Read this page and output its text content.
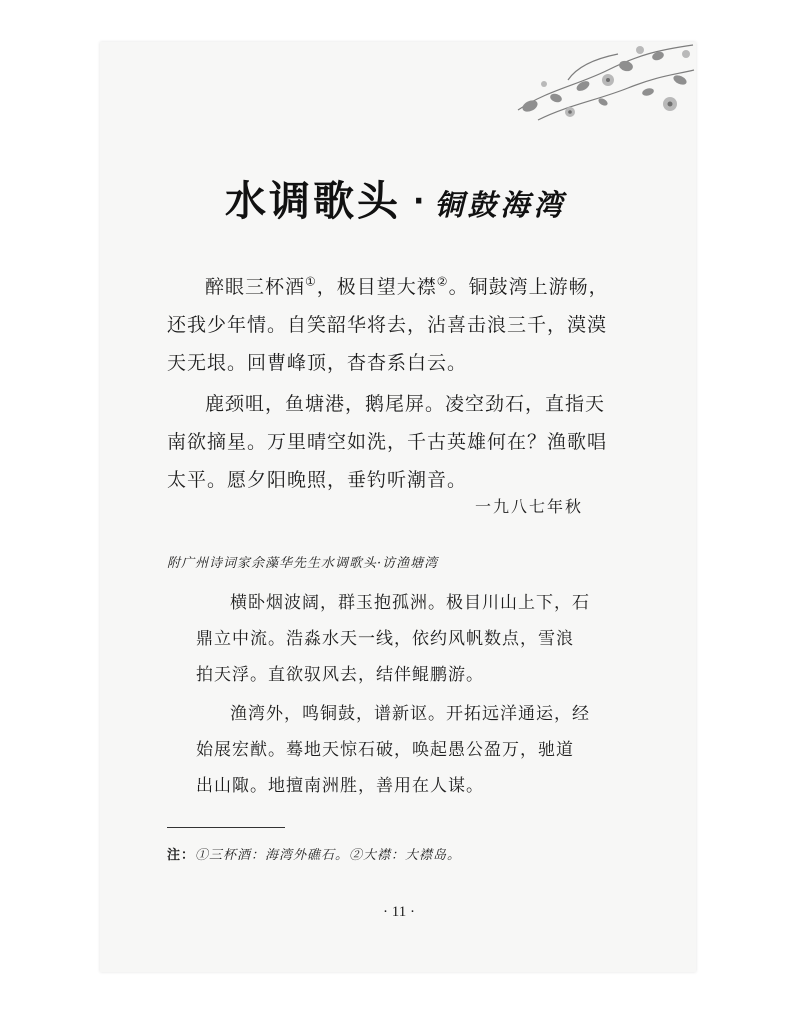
水调歌头 · 铜鼓海湾

醉眼三杯酒①，极目望大襟②。铜鼓湾上游畅，还我少年情。自笑韶华将去，沾喜击浪三千，漠漠天无垠。回曹峰顶，杳杳系白云。

鹿颈咀，鱼塘港，鹅尾屏。凌空劲石，直指天南欲摘星。万里晴空如洗，千古英雄何在？渔歌唱太平。愿夕阳晚照，垂钓听潮音。

一九八七年秋
附广州诗词家余藻华先生水调歌头·访渔塘湾

横卧烟波阔，群玉抱孤洲。极目川山上下，石鼎立中流。浩淼水天一线，依约风帆数点，雪浪拍天浮。直欲驭风去，结伴鲲鹏游。

渔湾外，鸣铜鼓，谱新讴。开拓远洋通运，经始展宏猷。蓦地天惊石破，唤起愚公盈万，驰道出山陬。地擅南洲胜，善用在人谋。

注：①三杯酒：海湾外礁石。②大襟：大襟岛。
· 11 ·
